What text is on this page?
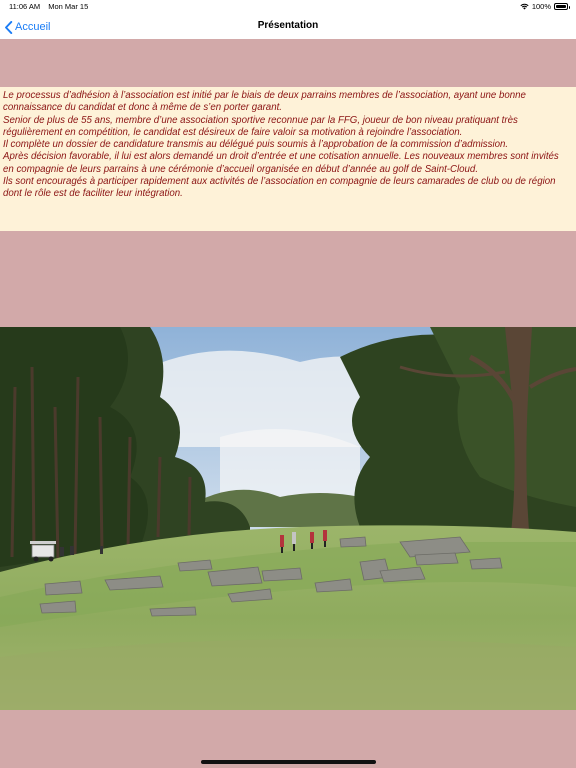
11:06 AM Mon Mar 15	100%
Accueil	Présentation

Le processus d’adhésion à l’association est initié par le biais de deux parrains membres de l’association, ayant une bonne connaissance du candidat et donc à même de s’en porter garant.

Senior de plus de 55 ans, membre d’une association sportive reconnue par la FFG, joueur de bon niveau pratiquant très régulièrement en compétition, le candidat est désireux de faire valoir sa motivation à rejoindre l’association.

Il complète un dossier de candidature transmis au délégué puis soumis à l’approbation de la commission d’admission.

Après décision favorable, il lui est alors demandé un droit d’entrée et une cotisation annuelle. Les nouveaux membres sont invités en compagnie de leurs parrains à une cérémonie d’accueil organisée en début d’année au golf de Saint-Cloud.

Ils sont encouragés à participer rapidement aux activités de l’association en compagnie de leurs camarades de club ou de région dont le rôle est de faciliter leur intégration.
